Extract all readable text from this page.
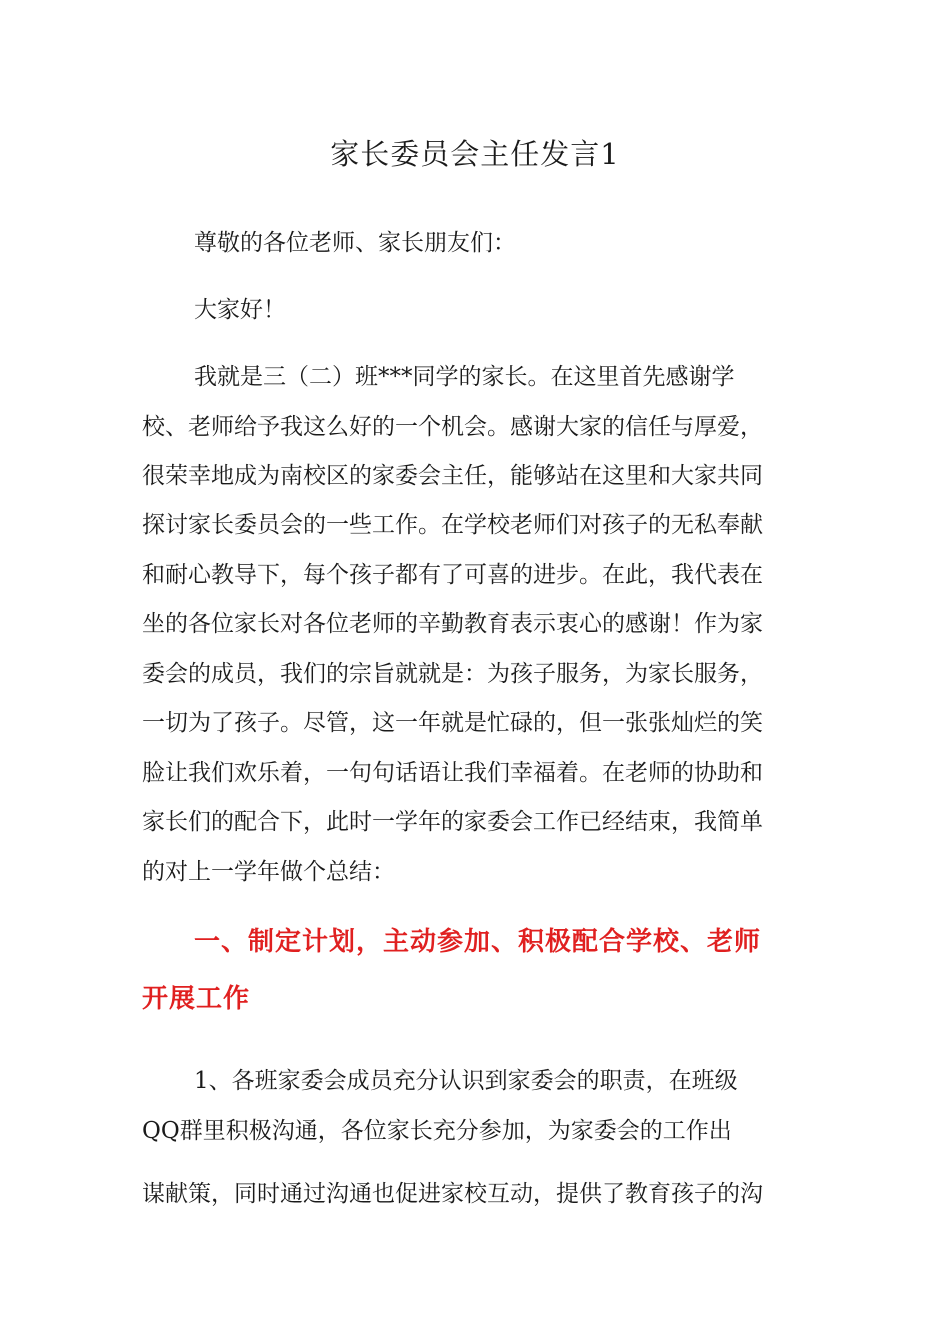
家长委员会主任发言1

尊敬的各位老师、家长朋友们：

大家好！

我就是三（二）班***同学的家长。在这里首先感谢学

校、老师给予我这么好的一个机会。感谢大家的信任与厚爱，

很荣幸地成为南校区的家委会主任，能够站在这里和大家共同

探讨家长委员会的一些工作。在学校老师们对孩子的无私奉献

和耐心教导下，每个孩子都有了可喜的进步。在此，我代表在

坐的各位家长对各位老师的辛勤教育表示衷心的感谢！作为家

委会的成员，我们的宗旨就就是：为孩子服务，为家长服务，

一切为了孩子。尽管，这一年就是忙碌的，但一张张灿烂的笑

脸让我们欢乐着，一句句话语让我们幸福着。在老师的协助和

家长们的配合下，此时一学年的家委会工作已经结束，我简单

的对上一学年做个总结：

一、制定计划，主动参加、积极配合学校、老师
开展工作

1、各班家委会成员充分认识到家委会的职责，在班级

QQ群里积极沟通，各位家长充分参加，为家委会的工作出

谋献策，同时通过沟通也促进家校互动，提供了教育孩子的沟
